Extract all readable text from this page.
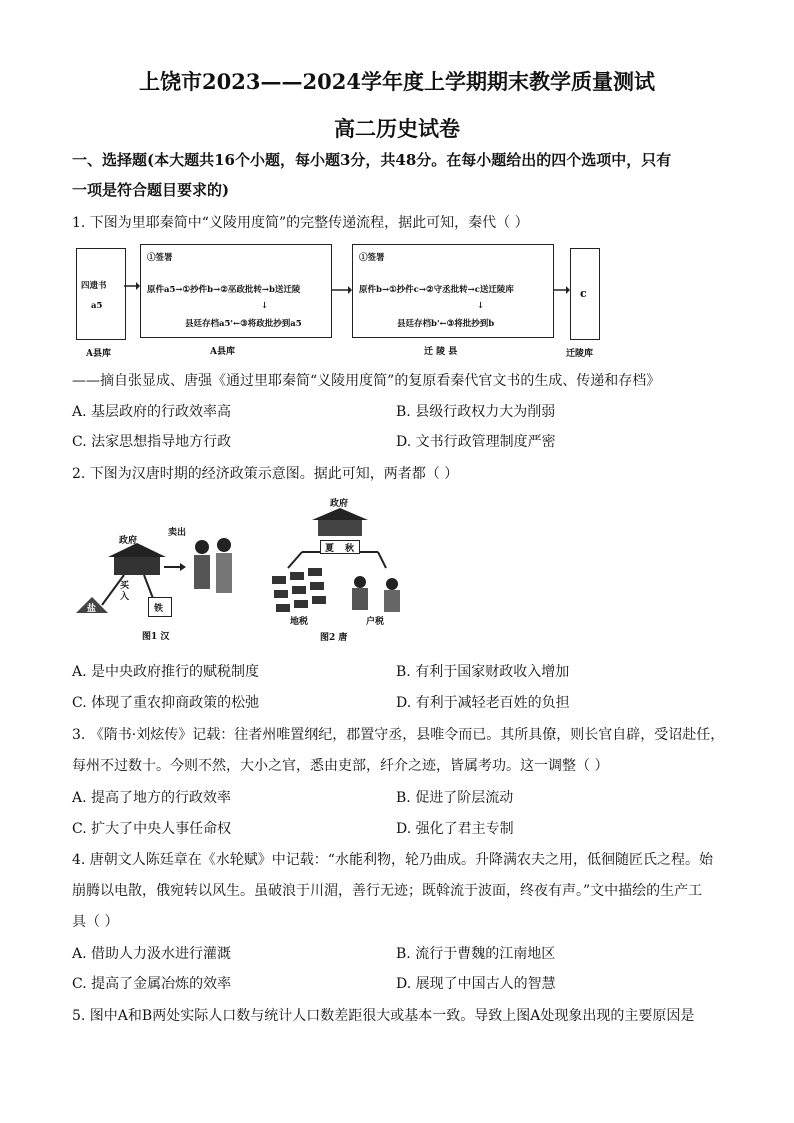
上饶市2023——2024学年度上学期期末教学质量测试
高二历史试卷
一、选择题(本大题共16个小题，每小题3分，共48分。在每小题给出的四个选项中，只有
一项是符合题目要求的)
1. 下图为里耶秦简中“义陵用度简”的完整传递流程，据此可知，秦代（ ）
四遗书
a5
①签署
原件a5→①抄件b→②巫政批转→b送迁陵
↓
县廷存档a5'←③将政批抄到a5
①签署
原件b→①抄件c→②守丞批转→c送迁陵库
↓
县廷存档b'←③将批抄到b
c
A县库	A县库	迁 陵 县	迁陵库
——摘自张显成、唐强《通过里耶秦简“义陵用度简”的复原看秦代官文书的生成、传递和存档》
A. 基层政府的行政效率高	B. 县级行政权力大为削弱
C. 法家思想指导地方行政	D. 文书行政管理制度严密
2. 下图为汉唐时期的经济政策示意图。据此可知，两者都（ ）
政府
卖出
买入
盐	铁
图1 汉
政府
夏 秋
地税	户税
图2 唐
A. 是中央政府推行的赋税制度	B. 有利于国家财政收入增加
C. 体现了重农抑商政策的松弛	D. 有利于减轻老百姓的负担
3. 《隋书·刘炫传》记载：往者州唯置纲纪，郡置守丞，县唯令而已。其所具僚，则长官自辟，受诏赴任，
每州不过数十。今则不然，大小之官，悉由吏部，纤介之迹，皆属考功。这一调整（ ）
A. 提高了地方的行政效率	B. 促进了阶层流动
C. 扩大了中央人事任命权	D. 强化了君主专制
4. 唐朝文人陈廷章在《水轮赋》中记载：“水能利物，轮乃曲成。升降满农夫之用，低徊随匠氏之程。始
崩腾以电散，俄宛转以风生。虽破浪于川湄，善行无迹；既斡流于波面，终夜有声。”文中描绘的生产工
具（ ）
A. 借助人力汲水进行灌溉	B. 流行于曹魏的江南地区
C. 提高了金属冶炼的效率	D. 展现了中国古人的智慧
5. 图中A和B两处实际人口数与统计人口数差距很大或基本一致。导致上图A处现象出现的主要原因是
